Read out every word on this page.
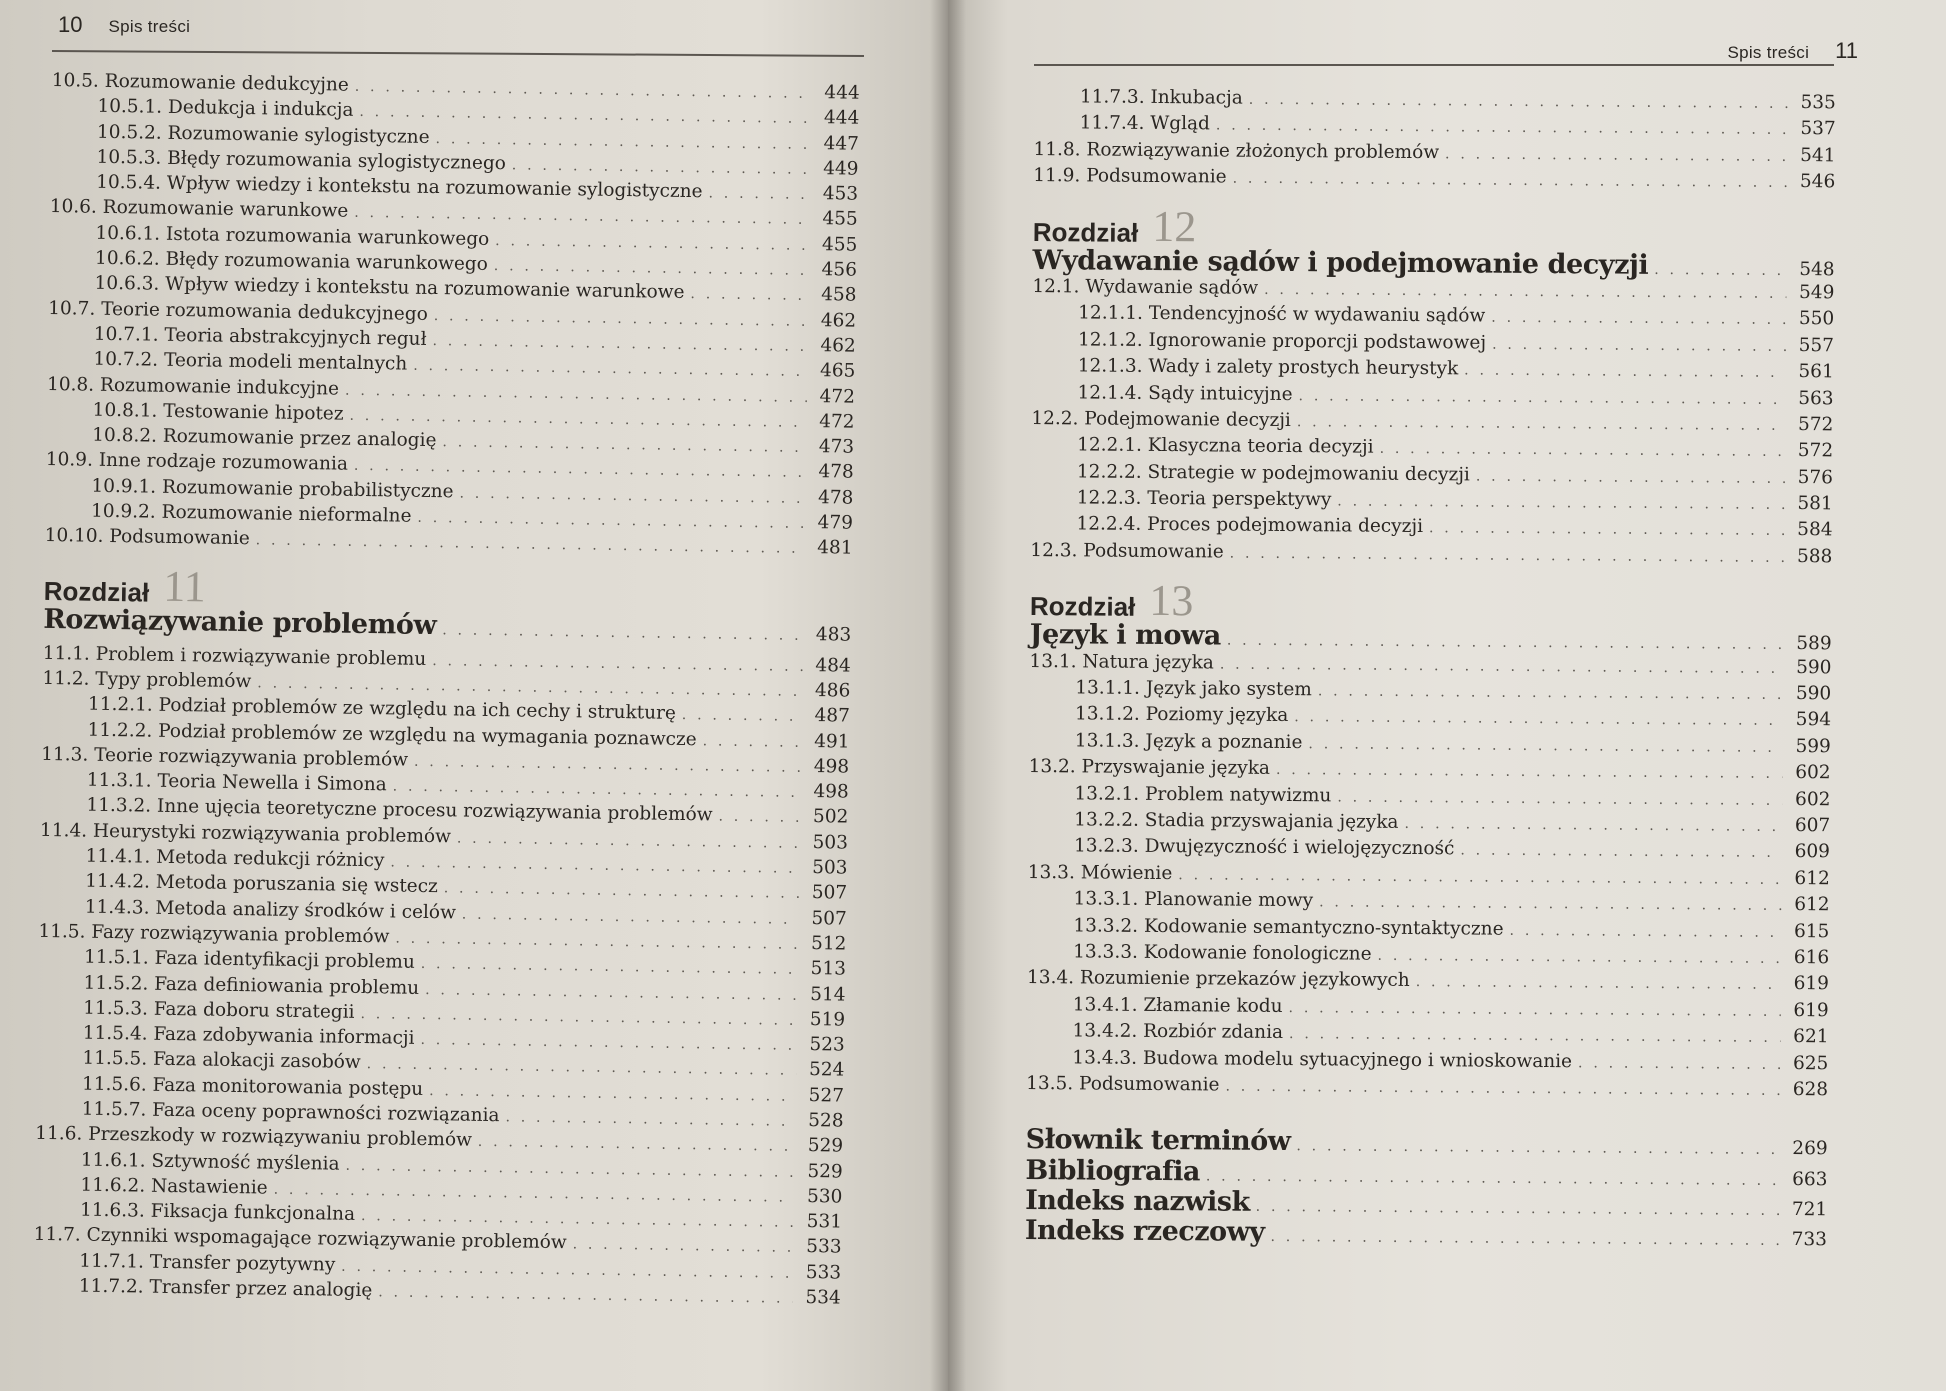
10 Spis treści
10.5. Rozumowanie dedukcyjne . . .	444
10.5.1. Dedukcja i indukcja . . .	444
10.5.2. Rozumowanie sylogistyczne . . .	447
10.5.3. Błędy rozumowania sylogistycznego . . .	449
10.5.4. Wpływ wiedzy i kontekstu na rozumowanie sylogistyczne . . .	453
10.6. Rozumowanie warunkowe . . .	455
10.6.1. Istota rozumowania warunkowego . . .	455
10.6.2. Błędy rozumowania warunkowego . . .	456
10.6.3. Wpływ wiedzy i kontekstu na rozumowanie warunkowe . . .	458
10.7. Teorie rozumowania dedukcyjnego . . .	462
10.7.1. Teoria abstrakcyjnych reguł . . .	462
10.7.2. Teoria modeli mentalnych . . .	465
10.8. Rozumowanie indukcyjne . . .	472
10.8.1. Testowanie hipotez . . .	472
10.8.2. Rozumowanie przez analogię . . .	473
10.9. Inne rodzaje rozumowania . . .	478
10.9.1. Rozumowanie probabilistyczne . . .	478
10.9.2. Rozumowanie nieformalne . . .	479
10.10. Podsumowanie . . .	481
Rozdział 11
Rozwiązywanie problemów . . .	483
11.1. Problem i rozwiązywanie problemu . . .	484
11.2. Typy problemów . . .	486
11.2.1. Podział problemów ze względu na ich cechy i strukturę . . .	487
11.2.2. Podział problemów ze względu na wymagania poznawcze . . .	491
11.3. Teorie rozwiązywania problemów . . .	498
11.3.1. Teoria Newella i Simona . . .	498
11.3.2. Inne ujęcia teoretyczne procesu rozwiązywania problemów . . .	502
11.4. Heurystyki rozwiązywania problemów . . .	503
11.4.1. Metoda redukcji różnicy . . .	503
11.4.2. Metoda poruszania się wstecz . . .	507
11.4.3. Metoda analizy środków i celów . . .	507
11.5. Fazy rozwiązywania problemów . . .	512
11.5.1. Faza identyfikacji problemu . . .	513
11.5.2. Faza definiowania problemu . . .	514
11.5.3. Faza doboru strategii . . .	519
11.5.4. Faza zdobywania informacji . . .	523
11.5.5. Faza alokacji zasobów . . .	524
11.5.6. Faza monitorowania postępu . . .	527
11.5.7. Faza oceny poprawności rozwiązania . . .	528
11.6. Przeszkody w rozwiązywaniu problemów . . .	529
11.6.1. Sztywność myślenia . . .	529
11.6.2. Nastawienie . . .	530
11.6.3. Fiksacja funkcjonalna . . .	531
11.7. Czynniki wspomagające rozwiązywanie problemów . . .	533
11.7.1. Transfer pozytywny . . .	533
11.7.2. Transfer przez analogię . . .	534
Spis treści 11
11.7.3. Inkubacja . . .	535
11.7.4. Wgląd . . .	537
11.8. Rozwiązywanie złożonych problemów . . .	541
11.9. Podsumowanie . . .	546
Rozdział 12
Wydawanie sądów i podejmowanie decyzji . . .	548
12.1. Wydawanie sądów . . .	549
12.1.1. Tendencyjność w wydawaniu sądów . . .	550
12.1.2. Ignorowanie proporcji podstawowej . . .	557
12.1.3. Wady i zalety prostych heurystyk . . .	561
12.1.4. Sądy intuicyjne . . .	563
12.2. Podejmowanie decyzji . . .	572
12.2.1. Klasyczna teoria decyzji . . .	572
12.2.2. Strategie w podejmowaniu decyzji . . .	576
12.2.3. Teoria perspektywy . . .	581
12.2.4. Proces podejmowania decyzji . . .	584
12.3. Podsumowanie . . .	588
Rozdział 13
Język i mowa . . .	589
13.1. Natura języka . . .	590
13.1.1. Język jako system . . .	590
13.1.2. Poziomy języka . . .	594
13.1.3. Język a poznanie . . .	599
13.2. Przyswajanie języka . . .	602
13.2.1. Problem natywizmu . . .	602
13.2.2. Stadia przyswajania języka . . .	607
13.2.3. Dwujęzyczność i wielojęzyczność . . .	609
13.3. Mówienie . . .	612
13.3.1. Planowanie mowy . . .	612
13.3.2. Kodowanie semantyczno-syntaktyczne . . .	615
13.3.3. Kodowanie fonologiczne . . .	616
13.4. Rozumienie przekazów językowych . . .	619
13.4.1. Złamanie kodu . . .	619
13.4.2. Rozbiór zdania . . .	621
13.4.3. Budowa modelu sytuacyjnego i wnioskowanie . . .	625
13.5. Podsumowanie . . .	628
Słownik terminów . . .	269
Bibliografia . . .	663
Indeks nazwisk . . .	721
Indeks rzeczowy . . .	733
